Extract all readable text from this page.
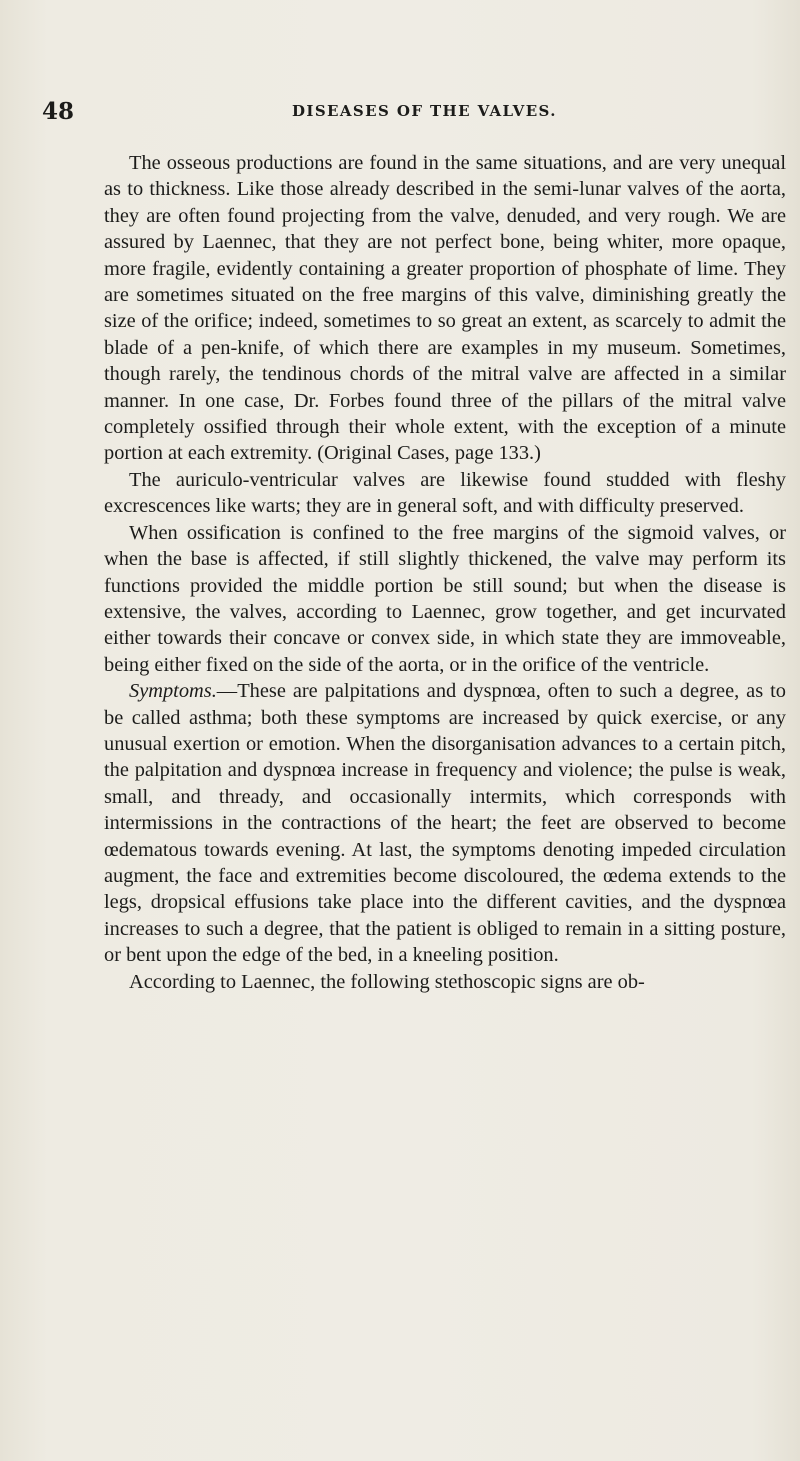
48	DISEASES OF THE VALVES.

The osseous productions are found in the same situations, and are very unequal as to thickness. Like those already described in the semi-lunar valves of the aorta, they are often found projecting from the valve, denuded, and very rough. We are assured by Laennec, that they are not perfect bone, being whiter, more opaque, more fragile, evidently containing a greater proportion of phosphate of lime. They are sometimes situated on the free margins of this valve, diminishing greatly the size of the orifice; indeed, sometimes to so great an extent, as scarcely to admit the blade of a pen-knife, of which there are examples in my museum. Sometimes, though rarely, the tendinous chords of the mitral valve are affected in a similar manner. In one case, Dr. Forbes found three of the pillars of the mitral valve completely ossified through their whole extent, with the exception of a minute portion at each extremity. (Original Cases, page 133.)

The auriculo-ventricular valves are likewise found studded with fleshy excrescences like warts; they are in general soft, and with difficulty preserved.

When ossification is confined to the free margins of the sigmoid valves, or when the base is affected, if still slightly thickened, the valve may perform its functions provided the middle portion be still sound; but when the disease is extensive, the valves, according to Laennec, grow together, and get incurvated either towards their concave or convex side, in which state they are immoveable, being either fixed on the side of the aorta, or in the orifice of the ventricle.

Symptoms.—These are palpitations and dyspnœa, often to such a degree, as to be called asthma; both these symptoms are increased by quick exercise, or any unusual exertion or emotion. When the disorganisation advances to a certain pitch, the palpitation and dyspnœa increase in frequency and violence; the pulse is weak, small, and thready, and occasionally intermits, which corresponds with intermissions in the contractions of the heart; the feet are observed to become œdematous towards evening. At last, the symptoms denoting impeded circulation augment, the face and extremities become discoloured, the œdema extends to the legs, dropsical effusions take place into the different cavities, and the dyspnœa increases to such a degree, that the patient is obliged to remain in a sitting posture, or bent upon the edge of the bed, in a kneeling position.

According to Laennec, the following stethoscopic signs are ob-
